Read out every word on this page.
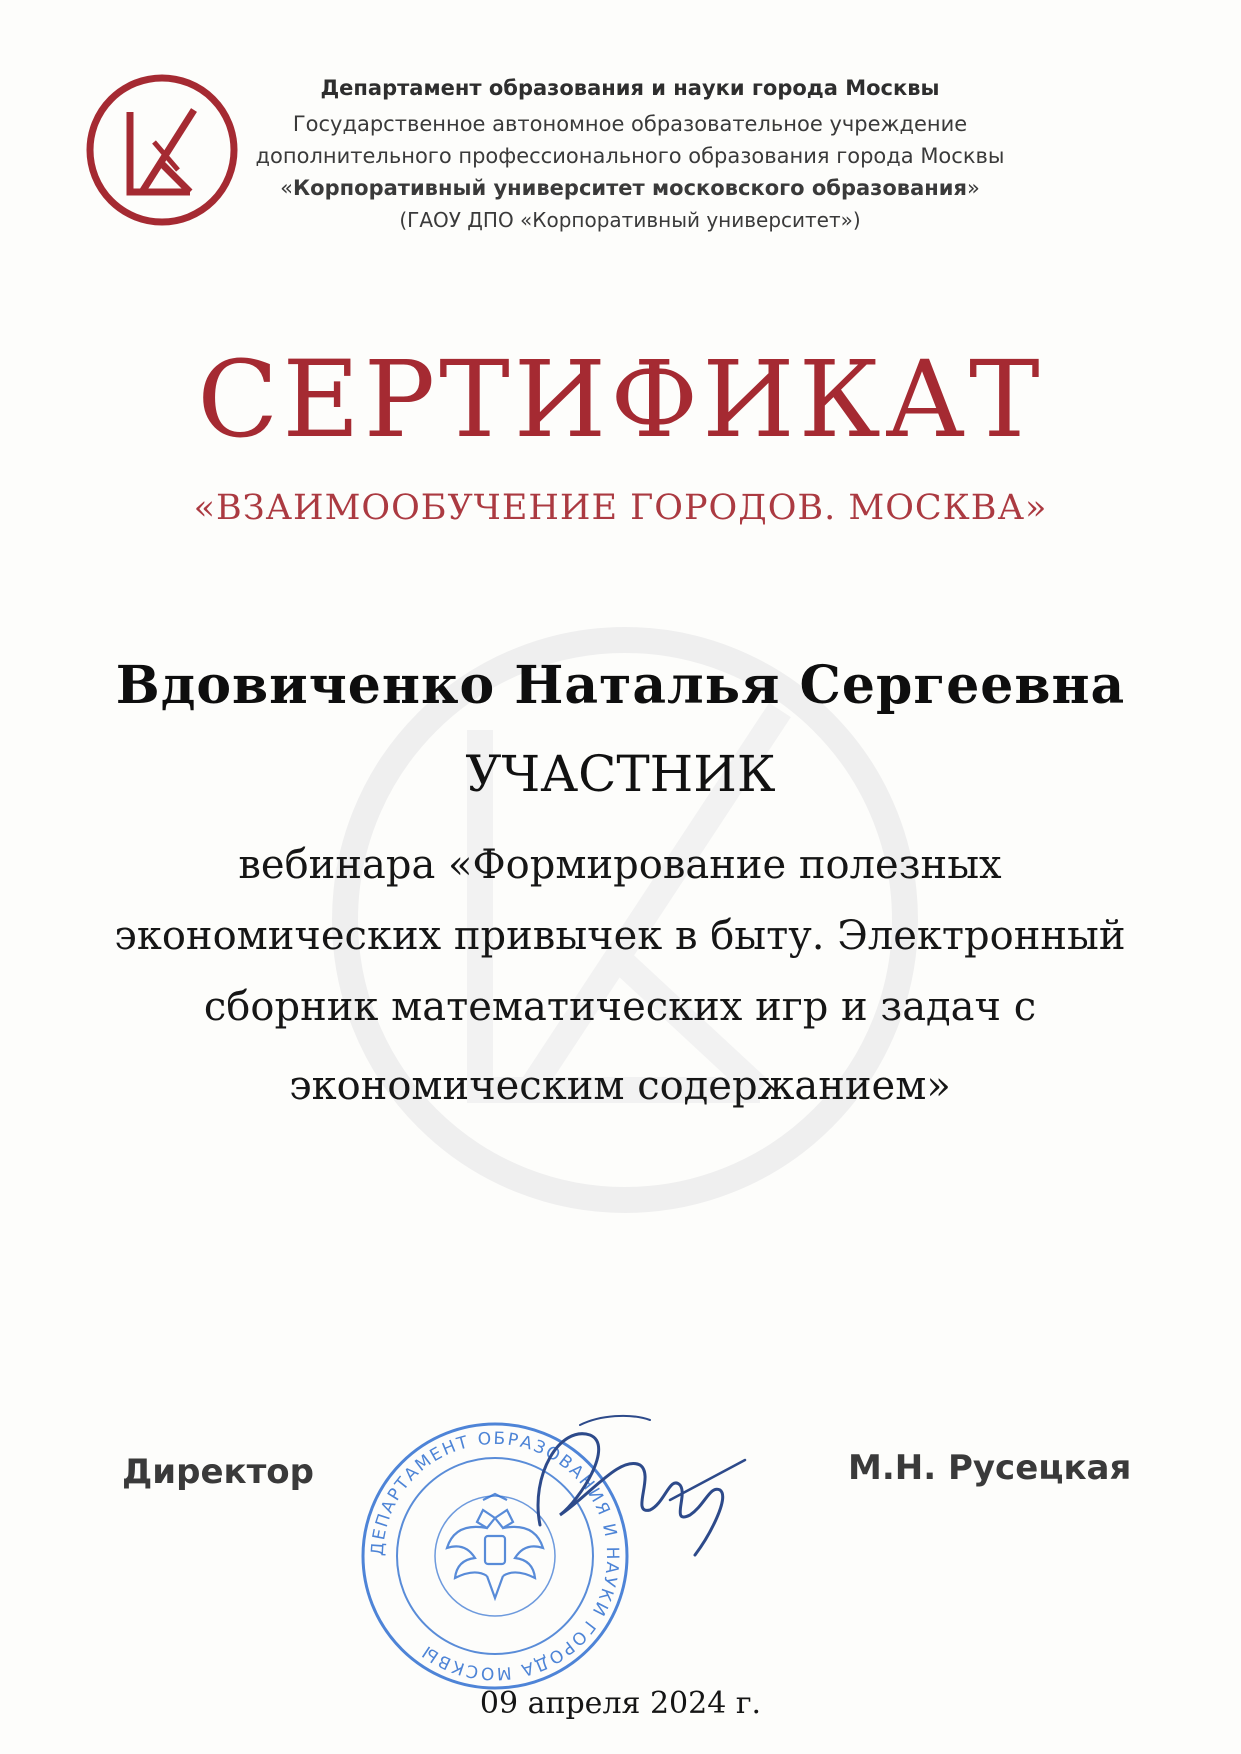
Департамент образования и науки города Москвы
Государственное автономное образовательное учреждение
дополнительного профессионального образования города Москвы
«Корпоративный университет московского образования»
(ГАОУ ДПО «Корпоративный университет»)
СЕРТИФИКАТ
«ВЗАИМООБУЧЕНИЕ ГОРОДОВ. МОСКВА»
Вдовиченко Наталья Сергеевна
УЧАСТНИК
вебинара «Формирование полезных
экономических привычек в быту. Электронный
сборник математических игр и задач с
экономическим содержанием»
Директор
ДЕПАРТАМЕНТ ОБРАЗОВАНИЯ И НАУКИ ГОРОДА МОСКВЫ
М.Н. Русецкая
09 апреля 2024 г.
